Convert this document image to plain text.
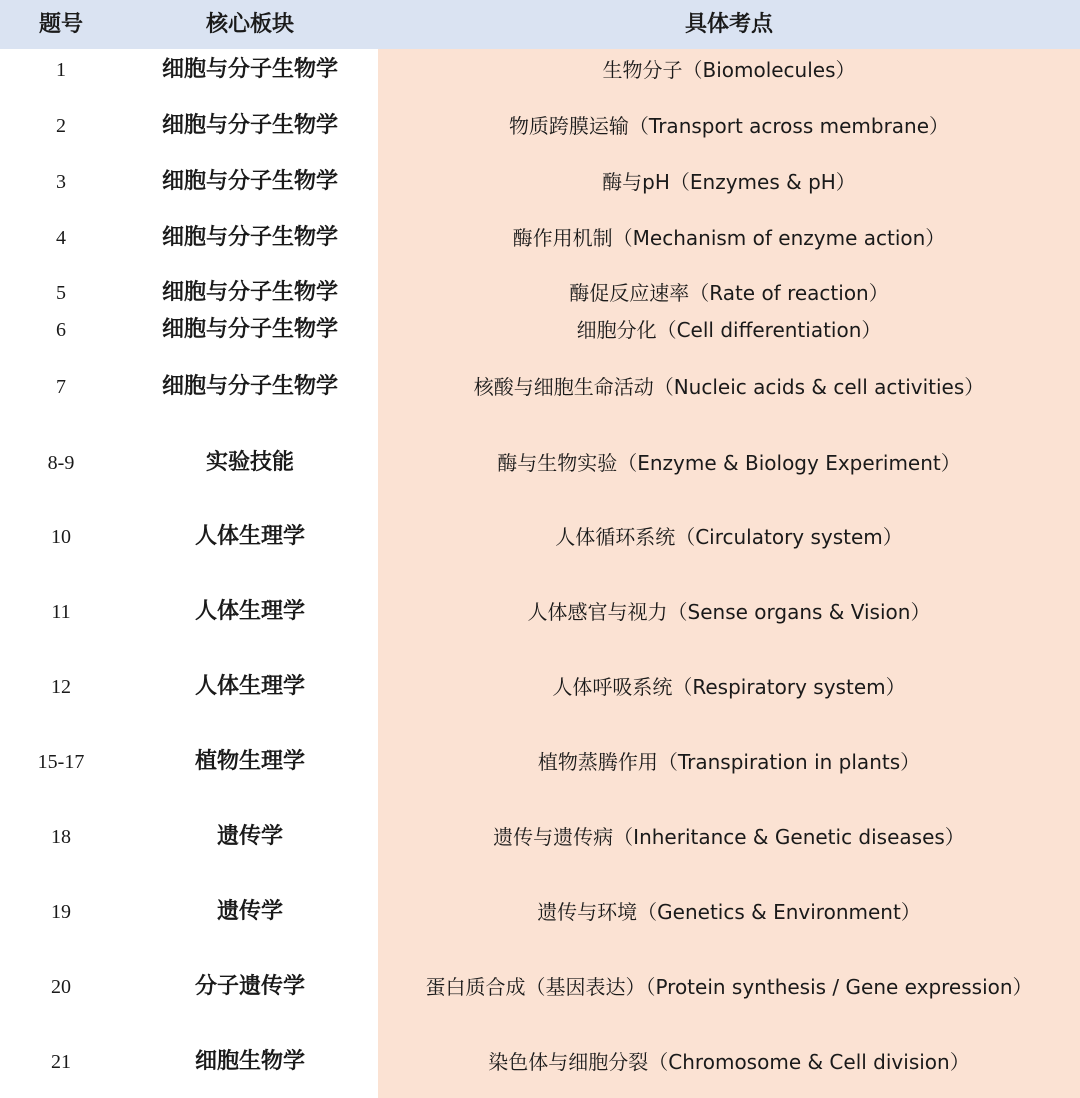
题号	核心板块	具体考点
1	细胞与分子生物学	生物分子（Biomolecules）
2	细胞与分子生物学	物质跨膜运输（Transport across membrane）
3	细胞与分子生物学	酶与pH（Enzymes & pH）
4	细胞与分子生物学	酶作用机制（Mechanism of enzyme action）
5	细胞与分子生物学	酶促反应速率（Rate of reaction）
6	细胞与分子生物学	细胞分化（Cell differentiation）
7	细胞与分子生物学	核酸与细胞生命活动（Nucleic acids & cell activities）
8-9	实验技能	酶与生物实验（Enzyme & Biology Experiment）
10	人体生理学	人体循环系统（Circulatory system）
11	人体生理学	人体感官与视力（Sense organs & Vision）
12	人体生理学	人体呼吸系统（Respiratory system）
15-17	植物生理学	植物蒸腾作用（Transpiration in plants）
18	遗传学	遗传与遗传病（Inheritance & Genetic diseases）
19	遗传学	遗传与环境（Genetics & Environment）
20	分子遗传学	蛋白质合成（基因表达）（Protein synthesis / Gene expression）
21	细胞生物学	染色体与细胞分裂（Chromosome & Cell division）
